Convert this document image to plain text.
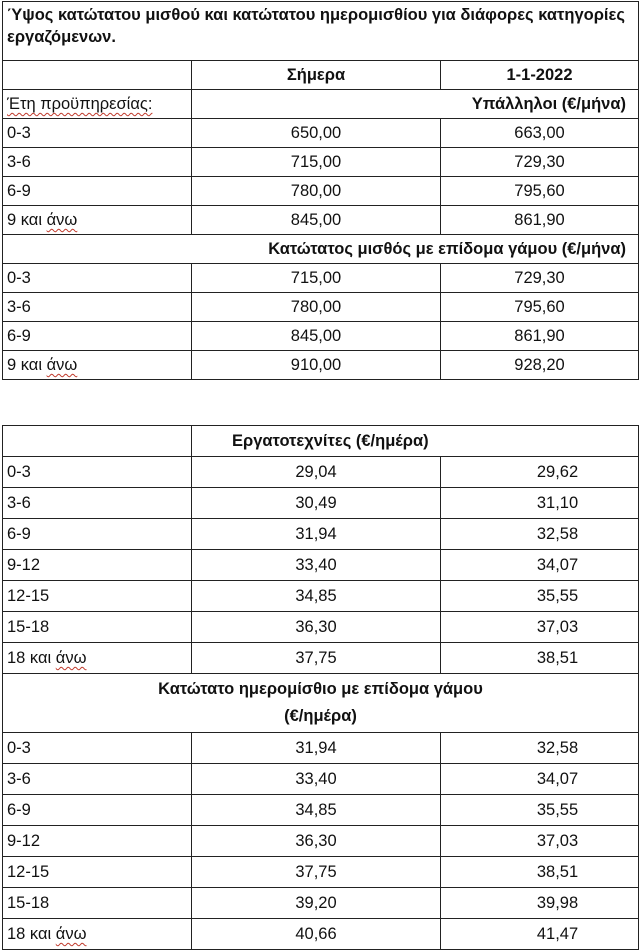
Ύψος κατώτατου μισθού και κατώτατου ημερομισθίου για διάφορες κατηγορίες εργαζόμενων.		
	Σήμερα	1-1-2022
Έτη προϋπηρεσίας:	Υπάλληλοι (€/μήνα)	
0-3	650,00	663,00
3-6	715,00	729,30
6-9	780,00	795,60
9 και άνω	845,00	861,90
Κατώτατος μισθός με επίδομα γάμου (€/μήνα)		
0-3	715,00	729,30
3-6	780,00	795,60
6-9	845,00	861,90
9 και άνω	910,00	928,20
	Εργατοτεχνίτες (€/ημέρα)	
0-3	29,04	29,62
3-6	30,49	31,10
6-9	31,94	32,58
9-12	33,40	34,07
12-15	34,85	35,55
15-18	36,30	37,03
18 και άνω	37,75	38,51
Κατώτατο ημερομίσθιο με επίδομα γάμου
(€/ημέρα)		
0-3	31,94	32,58
3-6	33,40	34,07
6-9	34,85	35,55
9-12	36,30	37,03
12-15	37,75	38,51
15-18	39,20	39,98
18 και άνω	40,66	41,47
